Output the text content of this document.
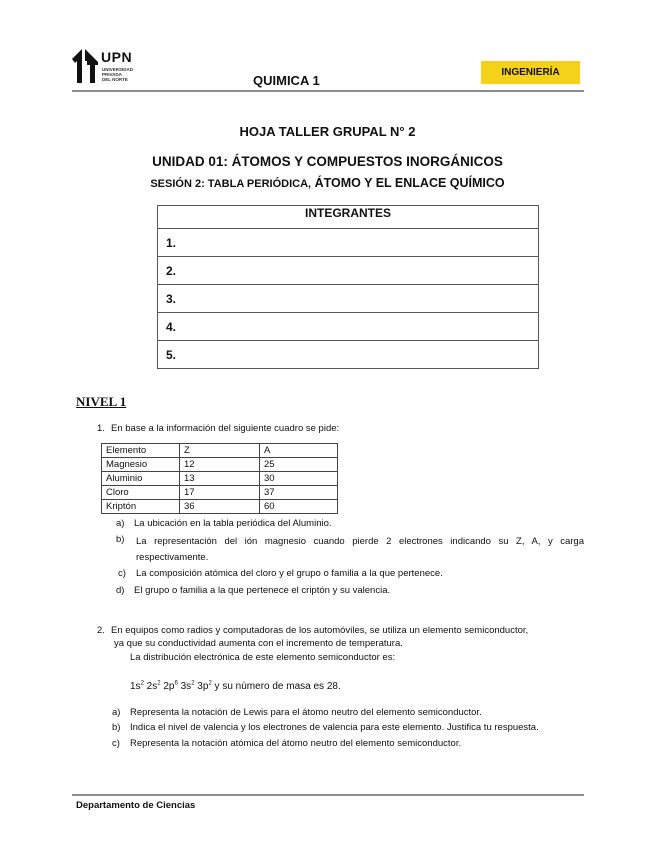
UPN
UNIVERSIDAD
PRIVADA
DEL NORTE	QUIMICA 1
INGENIERÍA
HOJA TALLER GRUPAL N° 2
UNIDAD 01: ÁTOMOS Y COMPUESTOS INORGÁNICOS
SESIÓN 2: TABLA PERIÓDICA, ÁTOMO Y EL ENLACE QUÍMICO
INTEGRANTES
1.
2.
3.
4.
5.
NIVEL 1
1. En base a la información del siguiente cuadro se pide:
Elemento	Z	A
Magnesio	12	25
Aluminio	13	30
Cloro	17	37
Kriptón	36	60
a) La ubicación en la tabla periódica del Aluminio.
b) La representación del ión magnesio cuando pierde 2 electrones indicando su Z, A, y carga respectivamente.
c) La composición atómica del cloro y el grupo o familia a la que pertenece.
d) El grupo o familia a la que pertenece el criptón y su valencia.
2. En equipos como radios y computadoras de los automóviles, se utiliza un elemento semiconductor,
ya que su conductividad aumenta con el incremento de temperatura.
La distribución electrónica de este elemento semiconductor es:
$1s^2$ $2s^2$ $2p^6$ $3s^2$ $3p^2$ y su número de masa es 28.
a) Representa la notación de Lewis para el átomo neutro del elemento semiconductor.
b) Indica el nivel de valencia y los electrones de valencia para este elemento. Justifica tu respuesta.
c) Representa la notación atómica del átomo neutro del elemento semiconductor.
Departamento de Ciencias
